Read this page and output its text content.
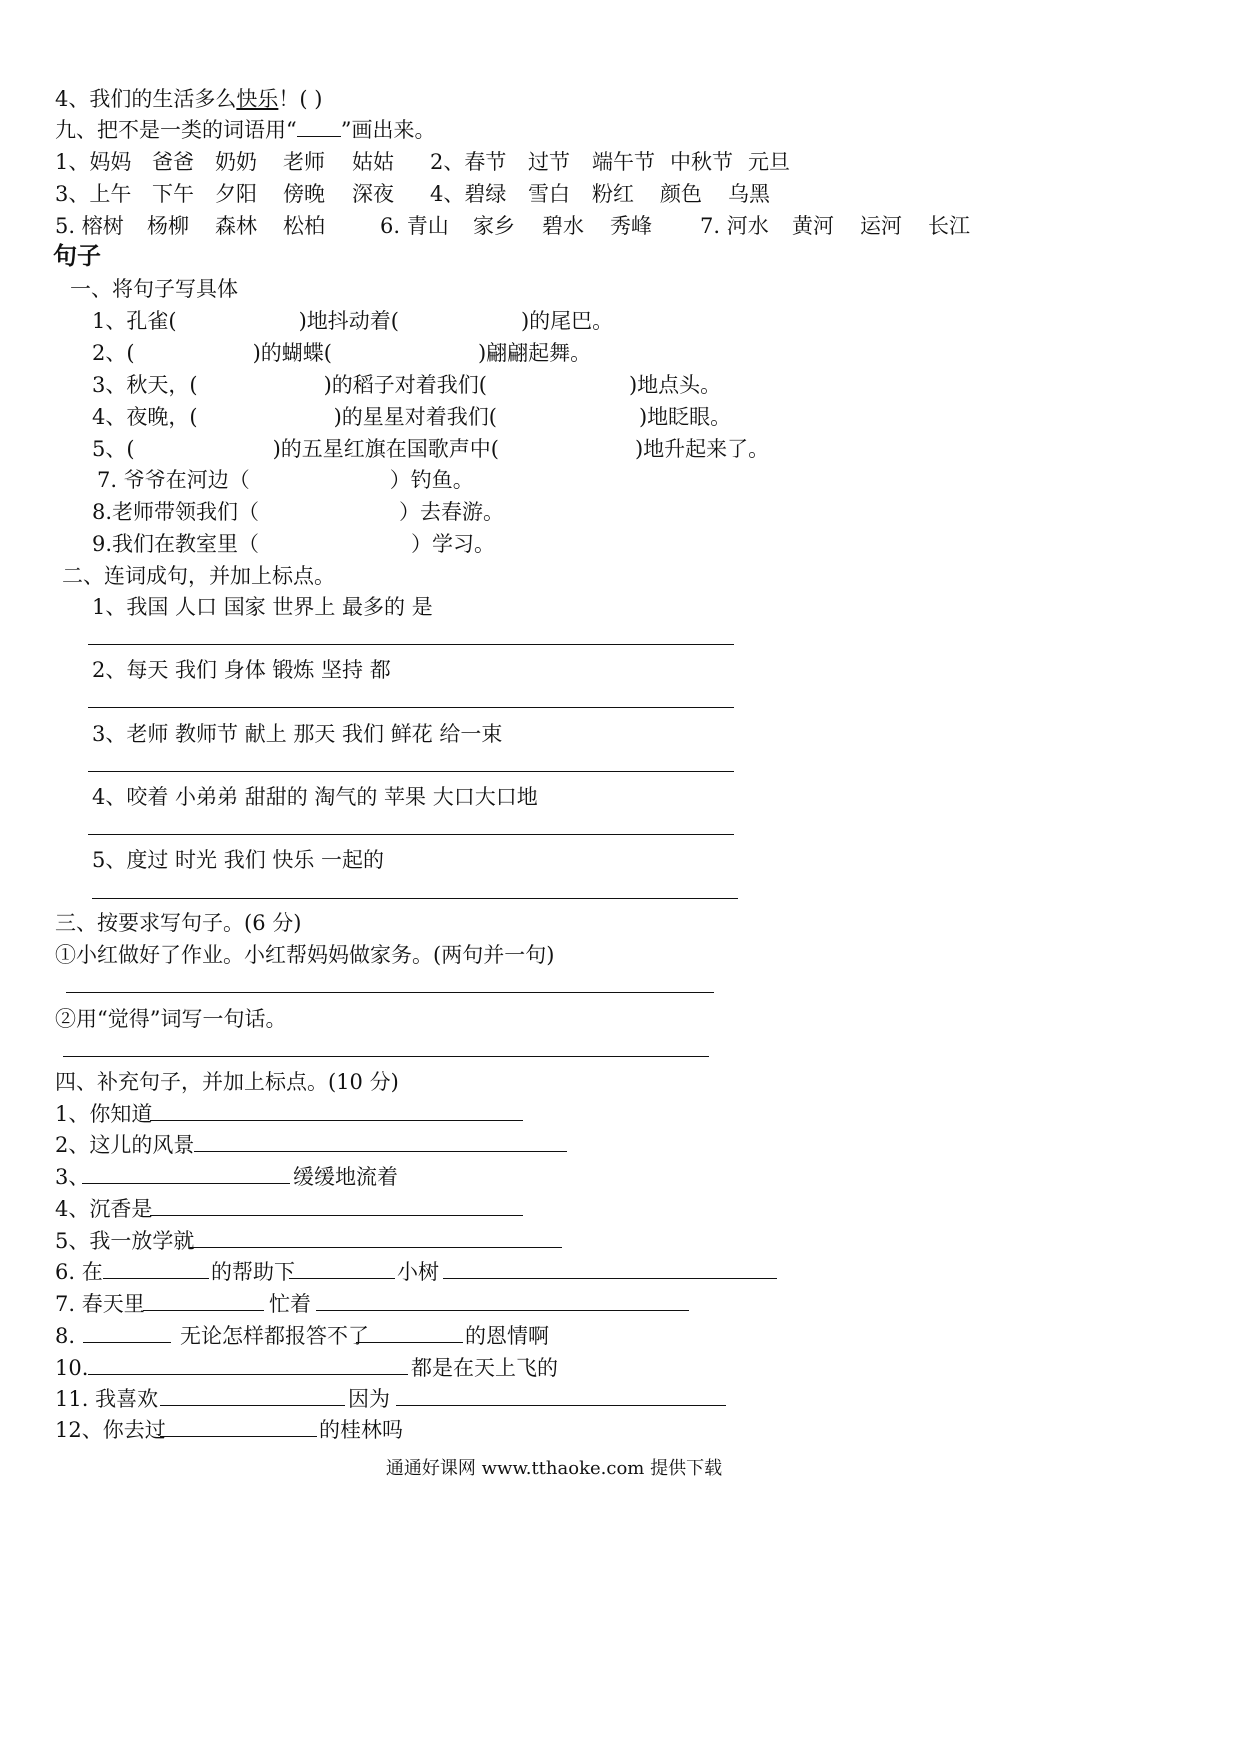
4、我们的生活多么快乐！( )
九、把不是一类的词语用“ ”画出来。
1、妈妈 爸爸 奶奶 老师 姑姑 2、春节 过节 端午节 中秋节 元旦
3、上午 下午 夕阳 傍晚 深夜 4、碧绿 雪白 粉红 颜色 乌黑
5. 榕树 杨柳 森林 松柏	6. 青山 家乡 碧水 秀峰 7. 河水 黄河 运河 长江
句子
一、将句子写具体
1、孔雀(	)地抖动着(	)的尾巴。
2、(	)的蝴蝶(	)翩翩起舞。
3、秋天，(	)的稻子对着我们(	)地点头。
4、夜晚，(	)的星星对着我们(	)地眨眼。
5、(	)的五星红旗在国歌声中(	)地升起来了。
7. 爷爷在河边（	）钓鱼。
8.老师带领我们（	）去春游。
9.我们在教室里（	）学习。
二、连词成句，并加上标点。
1、我国 人口 国家 世界上 最多的 是
2、每天 我们 身体 锻炼 坚持 都
3、老师 教师节 献上 那天 我们 鲜花 给一束
4、咬着 小弟弟 甜甜的 淘气的 苹果 大口大口地
5、度过 时光 我们 快乐 一起的
三、按要求写句子。(6 分)
①小红做好了作业。小红帮妈妈做家务。(两句并一句)
②用“觉得”词写一句话。
四、补充句子，并加上标点。(10 分)
1、你知道
2、这儿的风景
3、	缓缓地流着
4、沉香是
5、我一放学就
6. 在	的帮助下	小树
7. 春天里	忙着
8.	无论怎样都报答不了	的恩情啊
10.	都是在天上飞的
11. 我喜欢	因为
12、你去过	的桂林吗
通通好课网 www.tthaoke.com 提供下载
